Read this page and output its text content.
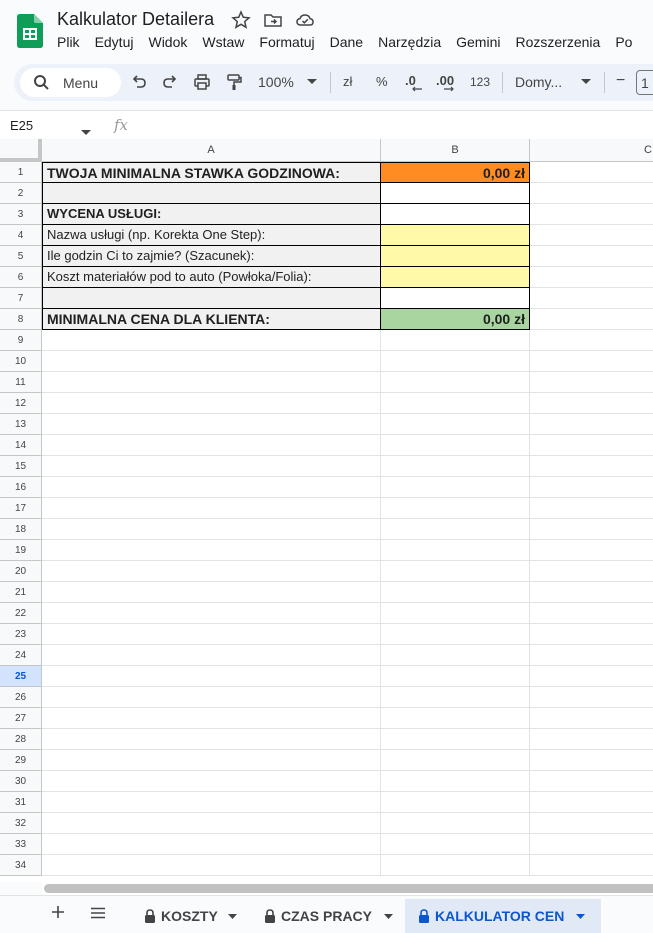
Kalkulator Detailera
Plik Edytuj Widok Wstaw Formatuj Dane Narzędzia Gemini Rozszerzenia Po
Menu	100%	zł % .0 .00 123 Domy...	−	1
E25	fx
A	B	C
1	TWOJA MINIMALNA STAWKA GODZINOWA:	0,00 zł
2
3	WYCENA USŁUGI:
4	Nazwa usługi (np. Korekta One Step):
5	Ile godzin Ci to zajmie? (Szacunek):
6	Koszt materiałów pod to auto (Powłoka/Folia):
7
8	MINIMALNA CENA DLA KLIENTA:	0,00 zł
9
10
11
12
13
14
15
16
17
18
19
20
21
22
23
24
25
26
27
28
29
30
31
32
33
34
KOSZTY	CZAS PRACY	KALKULATOR CEN
